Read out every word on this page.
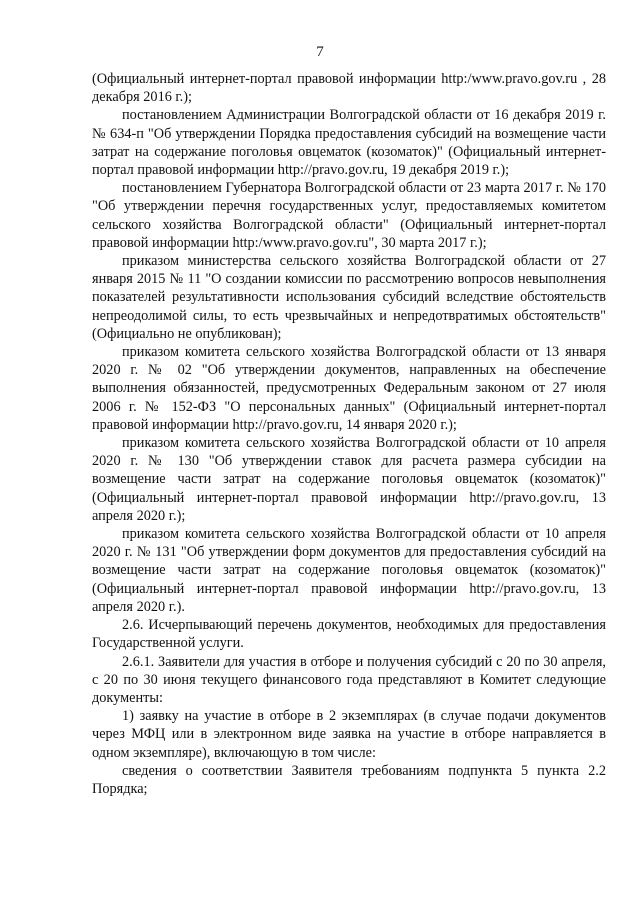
7

(Официальный интернет-портал правовой информации http:/www.pravo.gov.ru , 28 декабря 2016 г.);

постановлением Администрации Волгоградской области от 16 декабря 2019 г. № 634-п "Об утверждении Порядка предоставления субсидий на возмещение части затрат на содержание поголовья овцематок (козоматок)" (Официальный интернет-портал правовой информации http://pravo.gov.ru, 19 декабря 2019 г.);

постановлением Губернатора Волгоградской области от 23 марта 2017 г. № 170 "Об утверждении перечня государственных услуг, предоставляемых комитетом сельского хозяйства Волгоградской области" (Официальный интернет-портал правовой информации http:/www.pravo.gov.ru", 30 марта 2017 г.);

приказом министерства сельского хозяйства Волгоградской области от 27 января 2015 № 11 "О создании комиссии по рассмотрению вопросов невыполнения показателей результативности использования субсидий вследствие обстоятельств непреодолимой силы, то есть чрезвычайных и непредотвратимых обстоятельств" (Официально не опубликован);

приказом комитета сельского хозяйства Волгоградской области от 13 января 2020 г. № 02 "Об утверждении документов, направленных на обеспечение выполнения обязанностей, предусмотренных Федеральным законом от 27 июля 2006 г. № 152-ФЗ "О персональных данных" (Официальный интернет-портал правовой информации http://pravo.gov.ru, 14 января 2020 г.);

приказом комитета сельского хозяйства Волгоградской области от 10 апреля 2020 г. № 130 "Об утверждении ставок для расчета размера субсидии на возмещение части затрат на содержание поголовья овцематок (козоматок)" (Официальный интернет-портал правовой информации http://pravo.gov.ru, 13 апреля 2020 г.);

приказом комитета сельского хозяйства Волгоградской области от 10 апреля 2020 г. № 131 "Об утверждении форм документов для предоставления субсидий на возмещение части затрат на содержание поголовья овцематок (козоматок)" (Официальный интернет-портал правовой информации http://pravo.gov.ru, 13 апреля 2020 г.).

2.6. Исчерпывающий перечень документов, необходимых для предоставления Государственной услуги.

2.6.1. Заявители для участия в отборе и получения субсидий с 20 по 30 апреля, с 20 по 30 июня текущего финансового года представляют в Комитет следующие документы:

1) заявку на участие в отборе в 2 экземплярах (в случае подачи документов через МФЦ или в электронном виде заявка на участие в отборе направляется в одном экземпляре), включающую в том числе:

сведения о соответствии Заявителя требованиям подпункта 5 пункта 2.2 Порядка;
